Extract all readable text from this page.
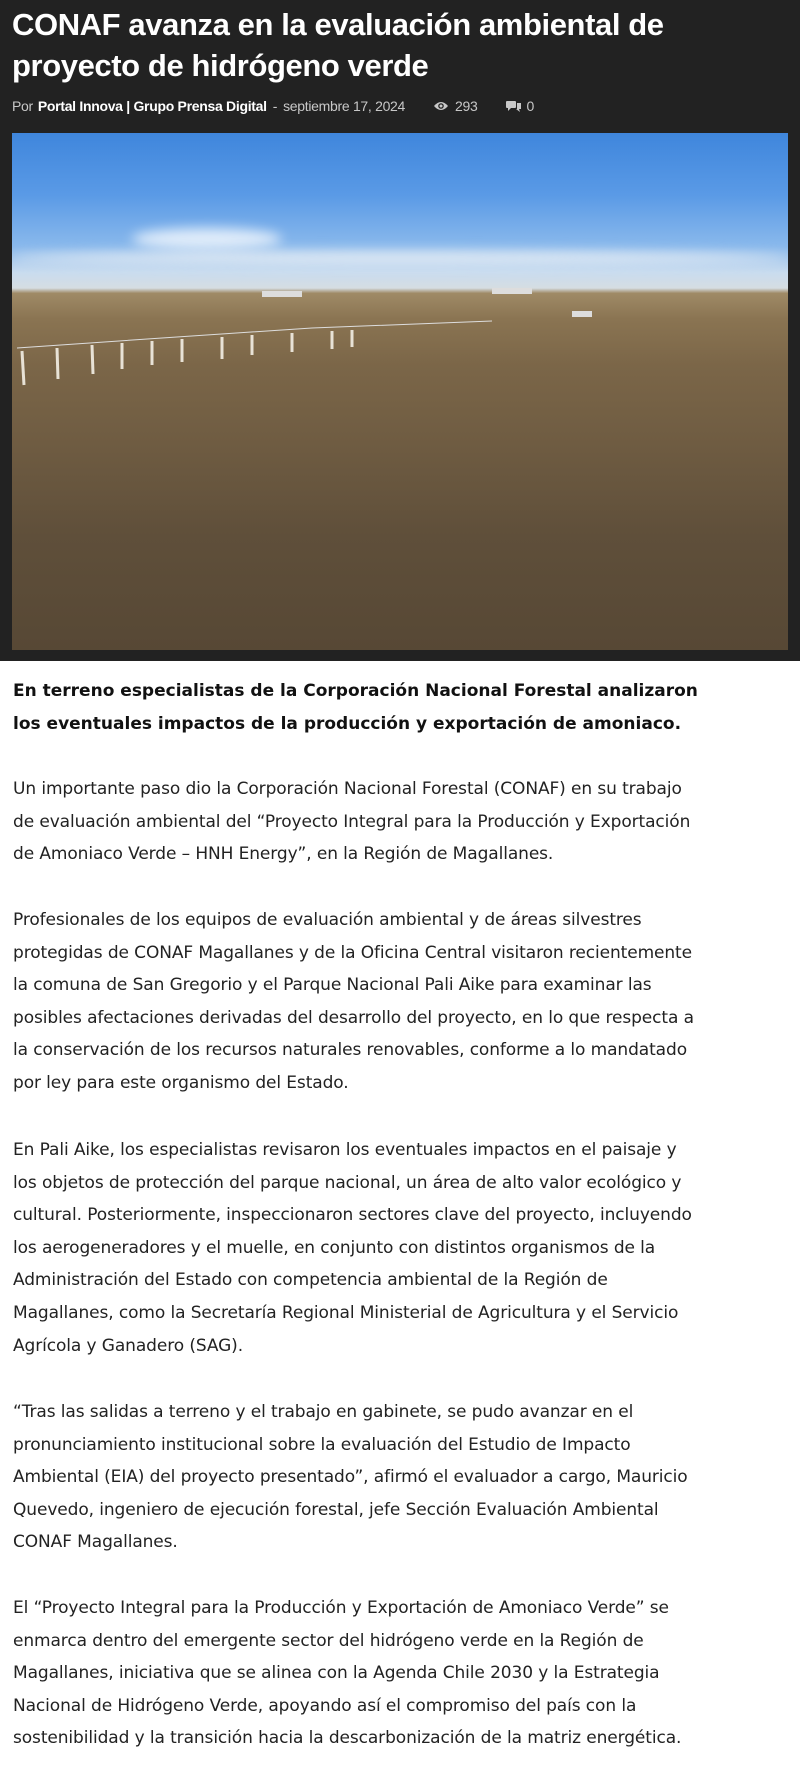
CONAF avanza en la evaluación ambiental de
proyecto de hidrógeno verde
Por Portal Innova | Grupo Prensa Digital - septiembre 17, 2024	293	0

En terreno especialistas de la Corporación Nacional Forestal analizaron
los eventuales impactos de la producción y exportación de amoniaco.

Un importante paso dio la Corporación Nacional Forestal (CONAF) en su trabajo
de evaluación ambiental del “Proyecto Integral para la Producción y Exportación
de Amoniaco Verde – HNH Energy”, en la Región de Magallanes.

Profesionales de los equipos de evaluación ambiental y de áreas silvestres
protegidas de CONAF Magallanes y de la Oficina Central visitaron recientemente
la comuna de San Gregorio y el Parque Nacional Pali Aike para examinar las
posibles afectaciones derivadas del desarrollo del proyecto, en lo que respecta a
la conservación de los recursos naturales renovables, conforme a lo mandatado
por ley para este organismo del Estado.

En Pali Aike, los especialistas revisaron los eventuales impactos en el paisaje y
los objetos de protección del parque nacional, un área de alto valor ecológico y
cultural. Posteriormente, inspeccionaron sectores clave del proyecto, incluyendo
los aerogeneradores y el muelle, en conjunto con distintos organismos de la
Administración del Estado con competencia ambiental de la Región de
Magallanes, como la Secretaría Regional Ministerial de Agricultura y el Servicio
Agrícola y Ganadero (SAG).

“Tras las salidas a terreno y el trabajo en gabinete, se pudo avanzar en el
pronunciamiento institucional sobre la evaluación del Estudio de Impacto
Ambiental (EIA) del proyecto presentado”, afirmó el evaluador a cargo, Mauricio
Quevedo, ingeniero de ejecución forestal, jefe Sección Evaluación Ambiental
CONAF Magallanes.

El “Proyecto Integral para la Producción y Exportación de Amoniaco Verde” se
enmarca dentro del emergente sector del hidrógeno verde en la Región de
Magallanes, iniciativa que se alinea con la Agenda Chile 2030 y la Estrategia
Nacional de Hidrógeno Verde, apoyando así el compromiso del país con la
sostenibilidad y la transición hacia la descarbonización de la matriz energética.
